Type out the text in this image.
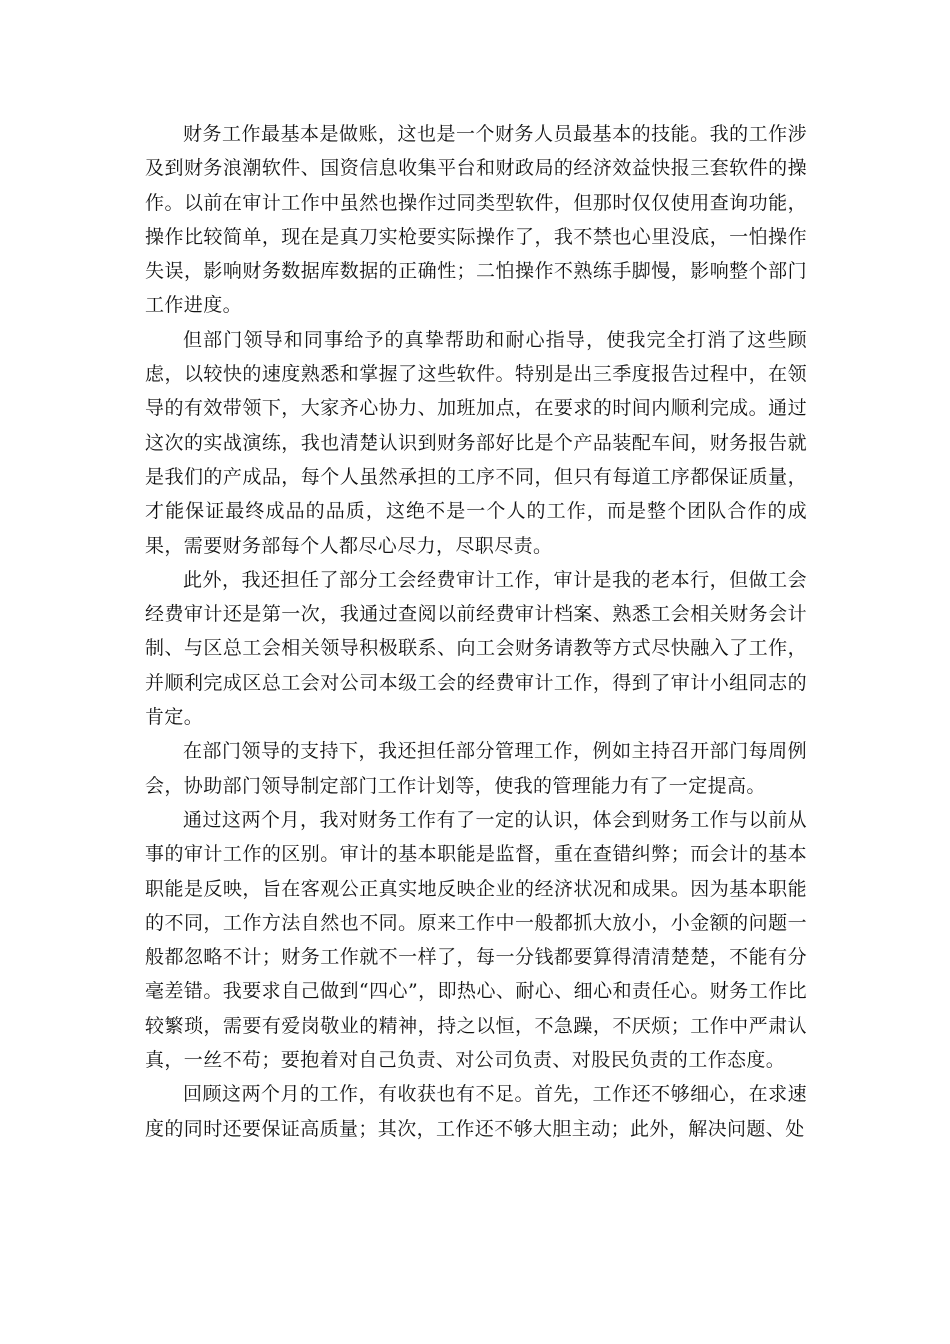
财务工作最基本是做账，这也是一个财务人员最基本的技能。我的工作涉及到财务浪潮软件、国资信息收集平台和财政局的经济效益快报三套软件的操作。以前在审计工作中虽然也操作过同类型软件，但那时仅仅使用查询功能，操作比较简单，现在是真刀实枪要实际操作了，我不禁也心里没底，一怕操作失误，影响财务数据库数据的正确性；二怕操作不熟练手脚慢，影响整个部门工作进度。

但部门领导和同事给予的真挚帮助和耐心指导，使我完全打消了这些顾虑，以较快的速度熟悉和掌握了这些软件。特别是出三季度报告过程中，在领导的有效带领下，大家齐心协力、加班加点，在要求的时间内顺利完成。通过这次的实战演练，我也清楚认识到财务部好比是个产品装配车间，财务报告就是我们的产成品，每个人虽然承担的工序不同，但只有每道工序都保证质量，才能保证最终成品的品质，这绝不是一个人的工作，而是整个团队合作的成果，需要财务部每个人都尽心尽力，尽职尽责。

此外，我还担任了部分工会经费审计工作，审计是我的老本行，但做工会经费审计还是第一次，我通过查阅以前经费审计档案、熟悉工会相关财务会计制、与区总工会相关领导积极联系、向工会财务请教等方式尽快融入了工作，并顺利完成区总工会对公司本级工会的经费审计工作，得到了审计小组同志的肯定。

在部门领导的支持下，我还担任部分管理工作，例如主持召开部门每周例会，协助部门领导制定部门工作计划等，使我的管理能力有了一定提高。

通过这两个月，我对财务工作有了一定的认识，体会到财务工作与以前从事的审计工作的区别。审计的基本职能是监督，重在查错纠弊；而会计的基本职能是反映，旨在客观公正真实地反映企业的经济状况和成果。因为基本职能的不同，工作方法自然也不同。原来工作中一般都抓大放小，小金额的问题一般都忽略不计；财务工作就不一样了，每一分钱都要算得清清楚楚，不能有分毫差错。我要求自己做到“四心”，即热心、耐心、细心和责任心。财务工作比较繁琐，需要有爱岗敬业的精神，持之以恒，不急躁，不厌烦；工作中严肃认真，一丝不苟；要抱着对自己负责、对公司负责、对股民负责的工作态度。

回顾这两个月的工作，有收获也有不足。首先，工作还不够细心，在求速度的同时还要保证高质量；其次，工作还不够大胆主动；此外，解决问题、处
